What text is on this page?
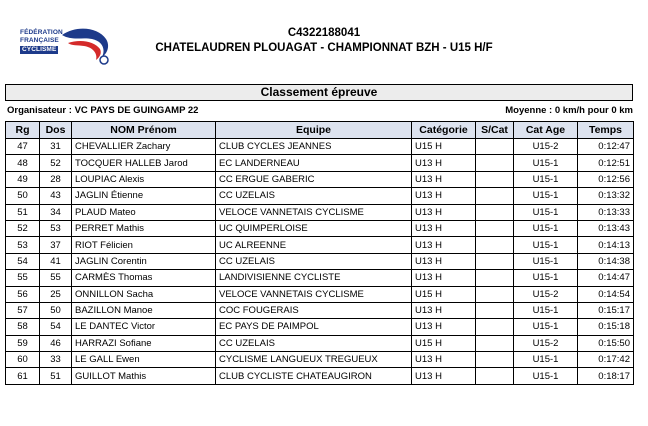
FÉDÉRATION
FRANÇAISE
CYCLISME
C4322188041
CHATELAUDREN PLOUAGAT - CHAMPIONNAT BZH - U15 H/F
Classement épreuve
Organisateur : VC PAYS DE GUINGAMP 22	Moyenne : 0 km/h pour 0 km
Rg	Dos	NOM Prénom	Equipe	Catégorie	S/Cat	Cat Age	Temps
47	31	CHEVALLIER Zachary	CLUB CYCLES JEANNES	U15 H		U15-2	0:12:47
48	52	TOCQUER HALLEB Jarod	EC LANDERNEAU	U13 H		U15-1	0:12:51
49	28	LOUPIAC Alexis	CC ERGUE GABERIC	U13 H		U15-1	0:12:56
50	43	JAGLIN Étienne	CC UZELAIS	U13 H		U15-1	0:13:32
51	34	PLAUD Mateo	VELOCE VANNETAIS CYCLISME	U13 H		U15-1	0:13:33
52	53	PERRET Mathis	UC QUIMPERLOISE	U13 H		U15-1	0:13:43
53	37	RIOT Félicien	UC ALREENNE	U13 H		U15-1	0:14:13
54	41	JAGLIN Corentin	CC UZELAIS	U13 H		U15-1	0:14:38
55	55	CARMÈS Thomas	LANDIVISIENNE CYCLISTE	U13 H		U15-1	0:14:47
56	25	ONNILLON Sacha	VELOCE VANNETAIS CYCLISME	U15 H		U15-2	0:14:54
57	50	BAZILLON Manoe	COC FOUGERAIS	U13 H		U15-1	0:15:17
58	54	LE DANTEC Victor	EC PAYS DE PAIMPOL	U13 H		U15-1	0:15:18
59	46	HARRAZI Sofiane	CC UZELAIS	U15 H		U15-2	0:15:50
60	33	LE GALL Ewen	CYCLISME LANGUEUX TREGUEUX	U13 H		U15-1	0:17:42
61	51	GUILLOT Mathis	CLUB CYCLISTE CHATEAUGIRON	U13 H		U15-1	0:18:17
